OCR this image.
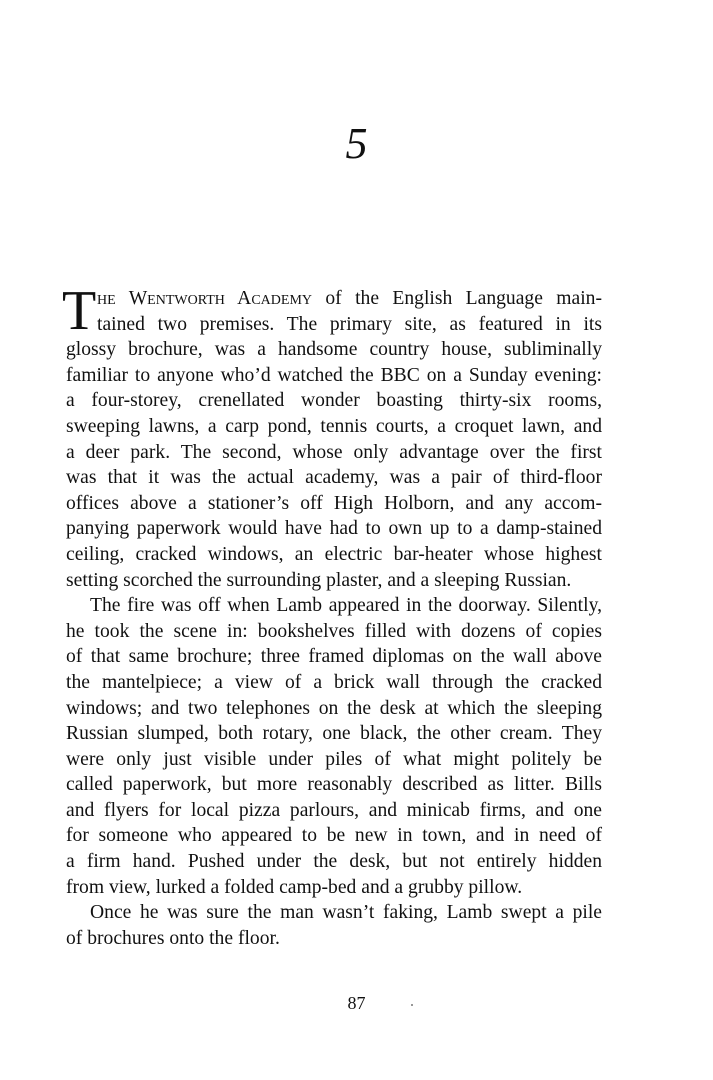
5
T he Wentworth Academy of the English Language main-
tained two premises. The primary site, as featured in its
glossy brochure, was a handsome country house, subliminally
familiar to anyone who’d watched the BBC on a Sunday evening:
a four-storey, crenellated wonder boasting thirty-six rooms,
sweeping lawns, a carp pond, tennis courts, a croquet lawn, and
a deer park. The second, whose only advantage over the first
was that it was the actual academy, was a pair of third-floor
offices above a stationer’s off High Holborn, and any accom-
panying paperwork would have had to own up to a damp-stained
ceiling, cracked windows, an electric bar-heater whose highest
setting scorched the surrounding plaster, and a sleeping Russian.
The fire was off when Lamb appeared in the doorway. Silently,
he took the scene in: bookshelves filled with dozens of copies
of that same brochure; three framed diplomas on the wall above
the mantelpiece; a view of a brick wall through the cracked
windows; and two telephones on the desk at which the sleeping
Russian slumped, both rotary, one black, the other cream. They
were only just visible under piles of what might politely be
called paperwork, but more reasonably described as litter. Bills
and flyers for local pizza parlours, and minicab firms, and one
for someone who appeared to be new in town, and in need of
a firm hand. Pushed under the desk, but not entirely hidden
from view, lurked a folded camp-bed and a grubby pillow.
Once he was sure the man wasn’t faking, Lamb swept a pile
of brochures onto the floor.
87
